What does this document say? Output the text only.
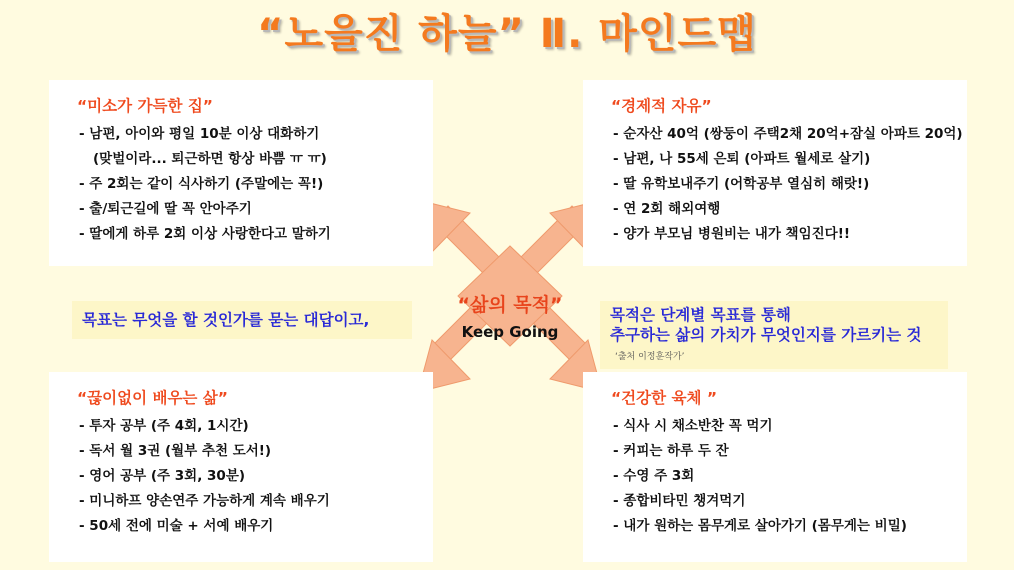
“노을진 하늘” Ⅱ. 마인드맵
“미소가 가득한 집”
- 남편, 아이와 평일 10분 이상 대화하기
(맞벌이라... 퇴근하면 항상 바쁨 ㅠ ㅠ)
- 주 2회는 같이 식사하기 (주말에는 꼭!)
- 출/퇴근길에 딸 꼭 안아주기
- 딸에게 하루 2회 이상 사랑한다고 말하기
“경제적 자유”
- 순자산 40억 (쌍둥이 주택2채 20억+잠실 아파트 20억)
- 남편, 나 55세 은퇴 (아파트 월세로 살기)
- 딸 유학보내주기 (어학공부 열심히 해랏!)
- 연 2회 해외여행
- 양가 부모님 병원비는 내가 책임진다!!
“끊이없이 배우는 삶”
- 투자 공부 (주 4회, 1시간)
- 독서 월 3권 (월부 추천 도서!)
- 영어 공부 (주 3회, 30분)
- 미니하프 양손연주 가능하게 계속 배우기
- 50세 전에 미술 + 서예 배우기
“건강한 육체 ”
- 식사 시 채소반찬 꼭 먹기
- 커피는 하루 두 잔
- 수영 주 3회
- 종합비타민 챙겨먹기
- 내가 원하는 몸무게로 살아가기 (몸무게는 비밀)
“삶의 목적”
Keep Going
목표는 무엇을 할 것인가를 묻는 대답이고,	목적은 단계별 목표를 통해
추구하는 삶의 가치가 무엇인지를 가르키는 것
‘출처 이정훈작가’
